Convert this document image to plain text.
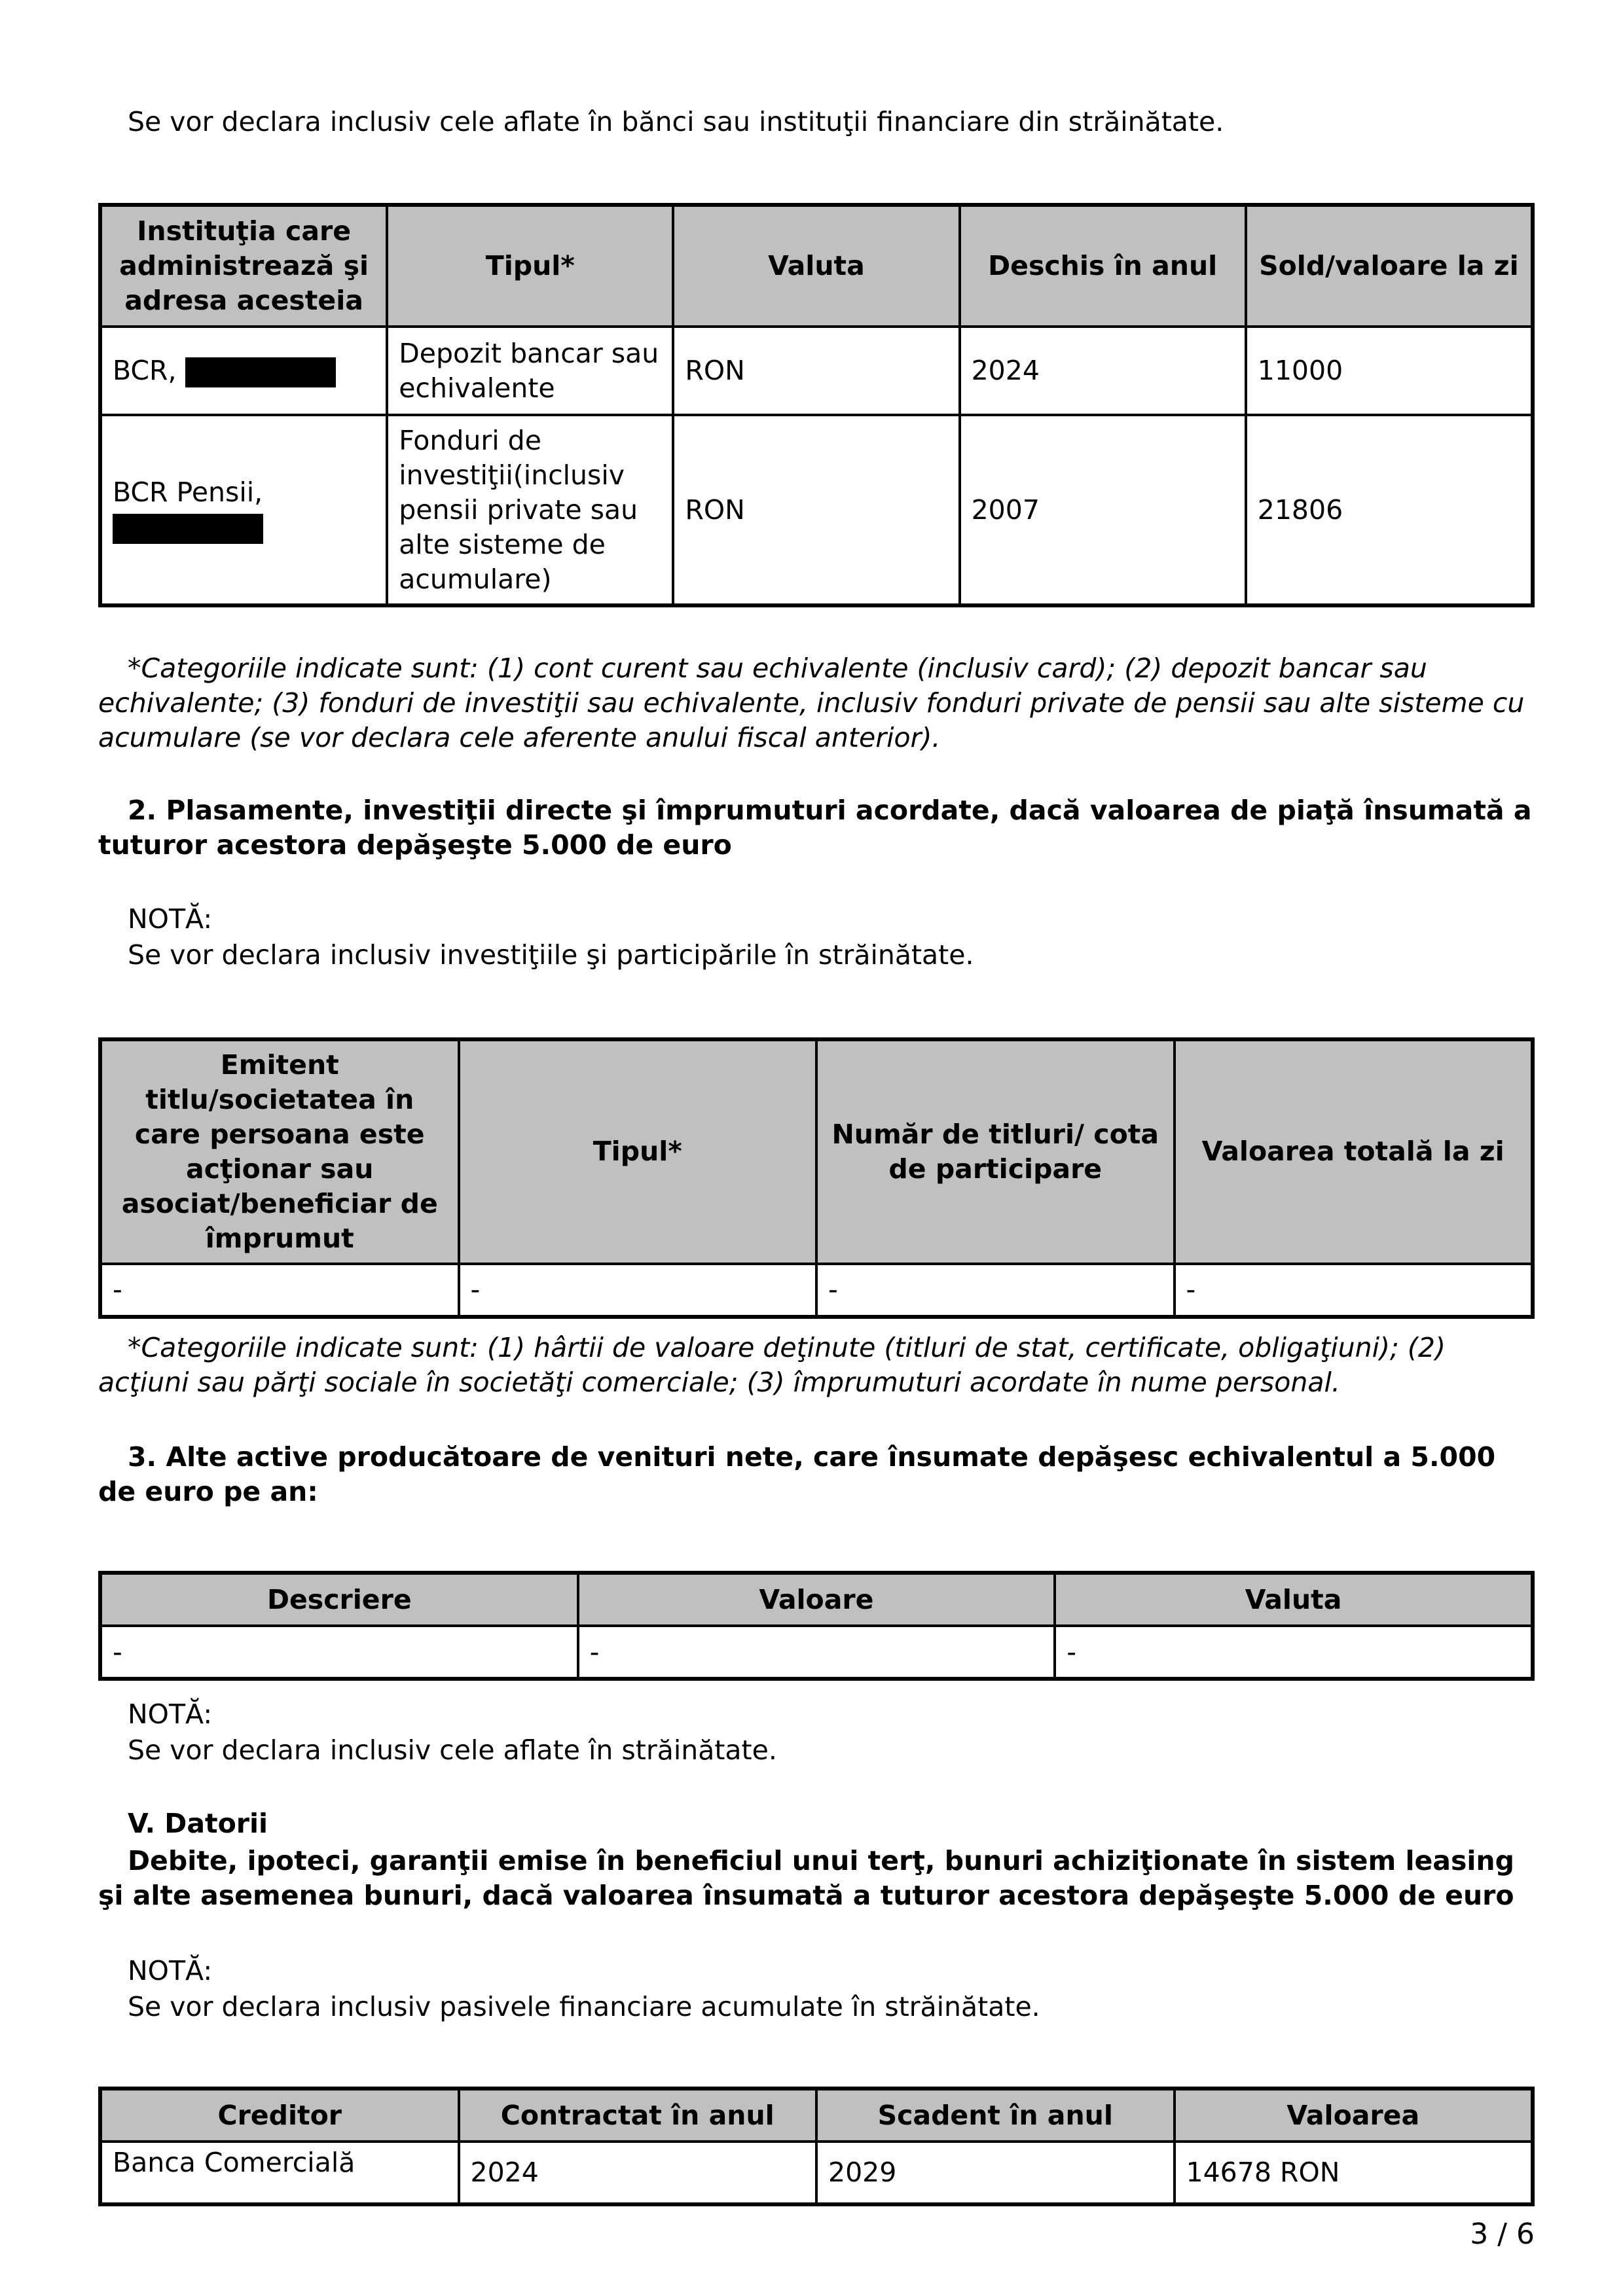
Se vor declara inclusiv cele aflate în bănci sau instituţii financiare din străinătate.

Instituţia care administrează şi adresa acesteia	Tipul*	Valuta	Deschis în anul	Sold/valoare la zi
BCR,	Depozit bancar sau echivalente	RON	2024	11000
BCR Pensii,	Fonduri de investiţii(inclusiv pensii private sau alte sisteme de acumulare)	RON	2007	21806

*Categoriile indicate sunt: (1) cont curent sau echivalente (inclusiv card); (2) depozit bancar sau echivalente; (3) fonduri de investiţii sau echivalente, inclusiv fonduri private de pensii sau alte sisteme cu acumulare (se vor declara cele aferente anului fiscal anterior).

2. Plasamente, investiţii directe şi împrumuturi acordate, dacă valoarea de piaţă însumată a tuturor acestora depăşeşte 5.000 de euro

NOTĂ:

Se vor declara inclusiv investiţiile şi participările în străinătate.

Emitent titlu/societatea în care persoana este acţionar sau asociat/beneficiar de împrumut	Tipul*	Număr de titluri/ cota de participare	Valoarea totală la zi
-	-	-	-

*Categoriile indicate sunt: (1) hârtii de valoare deţinute (titluri de stat, certificate, obligaţiuni); (2) acţiuni sau părţi sociale în societăţi comerciale; (3) împrumuturi acordate în nume personal.

3. Alte active producătoare de venituri nete, care însumate depăşesc echivalentul a 5.000 de euro pe an:

Descriere	Valoare	Valuta
-	-	-

NOTĂ:

Se vor declara inclusiv cele aflate în străinătate.

V. Datorii

Debite, ipoteci, garanţii emise în beneficiul unui terţ, bunuri achiziţionate în sistem leasing şi alte asemenea bunuri, dacă valoarea însumată a tuturor acestora depăşeşte 5.000 de euro

NOTĂ:

Se vor declara inclusiv pasivele financiare acumulate în străinătate.

Creditor	Contractat în anul	Scadent în anul	Valoarea
Banca Comercială	2024	2029	14678 RON
3 / 6
